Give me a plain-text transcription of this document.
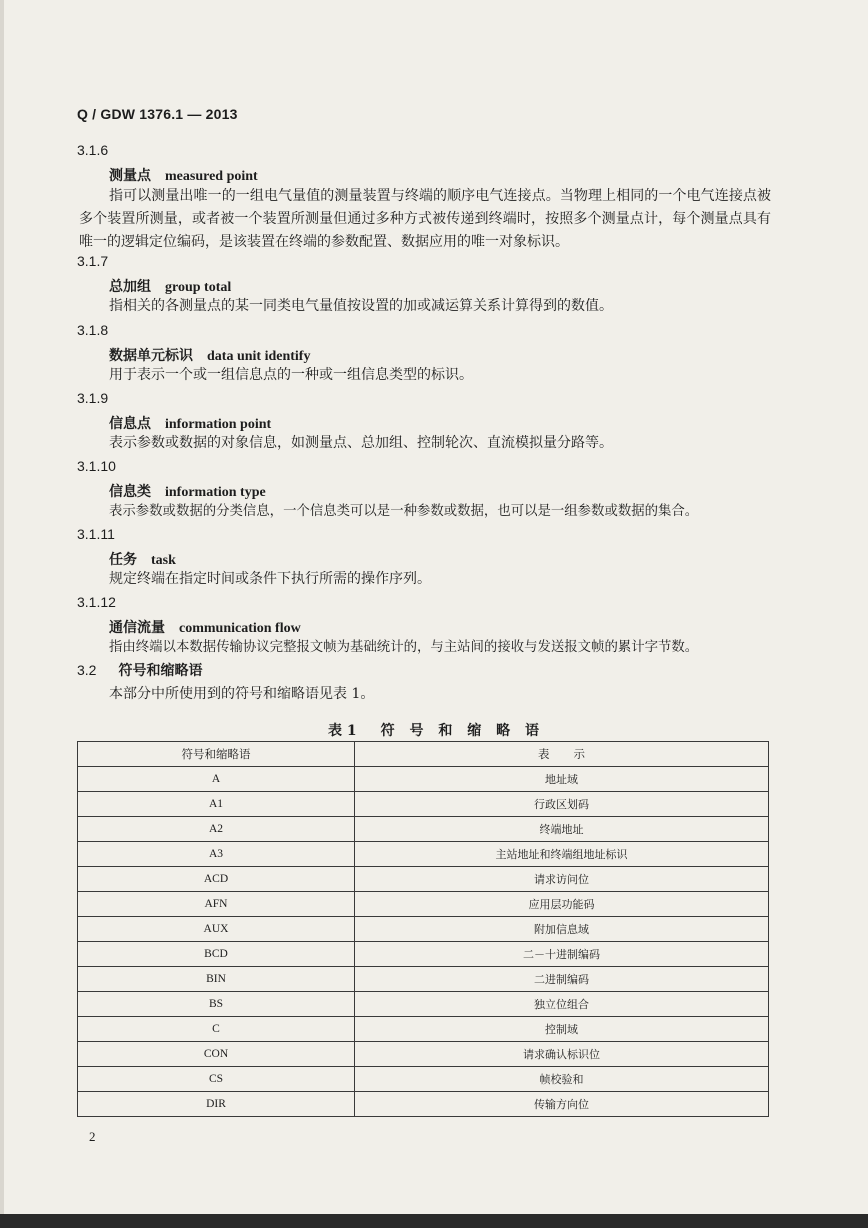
Q / GDW 1376.1 — 2013
3.1.6
测量点 measured point
指可以测量出唯一的一组电气量值的测量装置与终端的顺序电气连接点。当物理上相同的一个电气连接点被多个装置所测量，或者被一个装置所测量但通过多种方式被传递到终端时，按照多个测量点计，每个测量点具有唯一的逻辑定位编码，是该装置在终端的参数配置、数据应用的唯一对象标识。
3.1.7
总加组 group total
指相关的各测量点的某一同类电气量值按设置的加或减运算关系计算得到的数值。
3.1.8
数据单元标识 data unit identify
用于表示一个或一组信息点的一种或一组信息类型的标识。
3.1.9
信息点 information point
表示参数或数据的对象信息，如测量点、总加组、控制轮次、直流模拟量分路等。
3.1.10
信息类 information type
表示参数或数据的分类信息，一个信息类可以是一种参数或数据，也可以是一组参数或数据的集合。
3.1.11
任务 task
规定终端在指定时间或条件下执行所需的操作序列。
3.1.12
通信流量 communication flow
指由终端以本数据传输协议完整报文帧为基础统计的，与主站间的接收与发送报文帧的累计字节数。
3.2 符号和缩略语
本部分中所使用到的符号和缩略语见表 1。
表1　符 号 和 缩 略 语
符号和缩略语	表示
A	地址域
A1	行政区划码
A2	终端地址
A3	主站地址和终端组地址标识
ACD	请求访问位
AFN	应用层功能码
AUX	附加信息域
BCD	二－十进制编码
BIN	二进制编码
BS	独立位组合
C	控制域
CON	请求确认标识位
CS	帧校验和
DIR	传输方向位
2
